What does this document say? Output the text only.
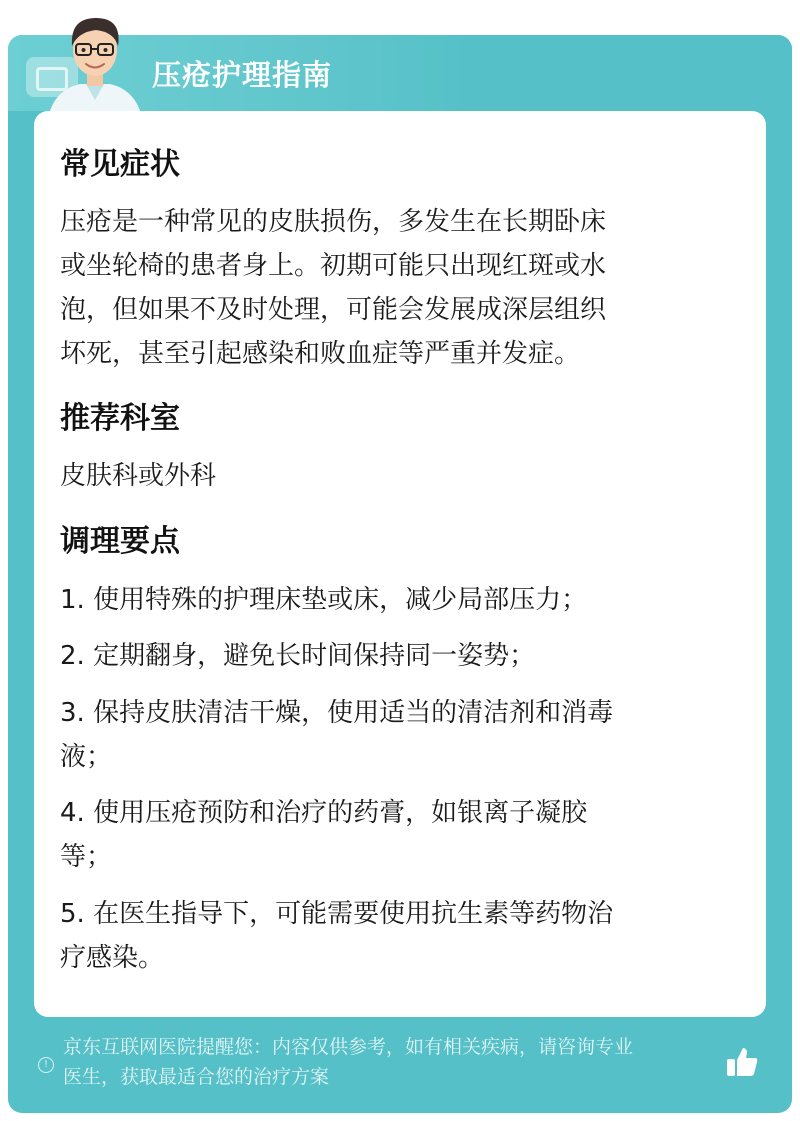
压疮护理指南
常见症状
压疮是一种常见的皮肤损伤，多发生在长期卧床
或坐轮椅的患者身上。初期可能只出现红斑或水
泡，但如果不及时处理，可能会发展成深层组织
坏死，甚至引起感染和败血症等严重并发症。
推荐科室
皮肤科或外科
调理要点
1. 使用特殊的护理床垫或床，减少局部压力；
2. 定期翻身，避免长时间保持同一姿势；
3. 保持皮肤清洁干燥，使用适当的清洁剂和消毒
液；
4. 使用压疮预防和治疗的药膏，如银离子凝胶
等；
5. 在医生指导下，可能需要使用抗生素等药物治
疗感染。
!
京东互联网医院提醒您：内容仅供参考，如有相关疾病，请咨询专业
医生，获取最适合您的治疗方案
